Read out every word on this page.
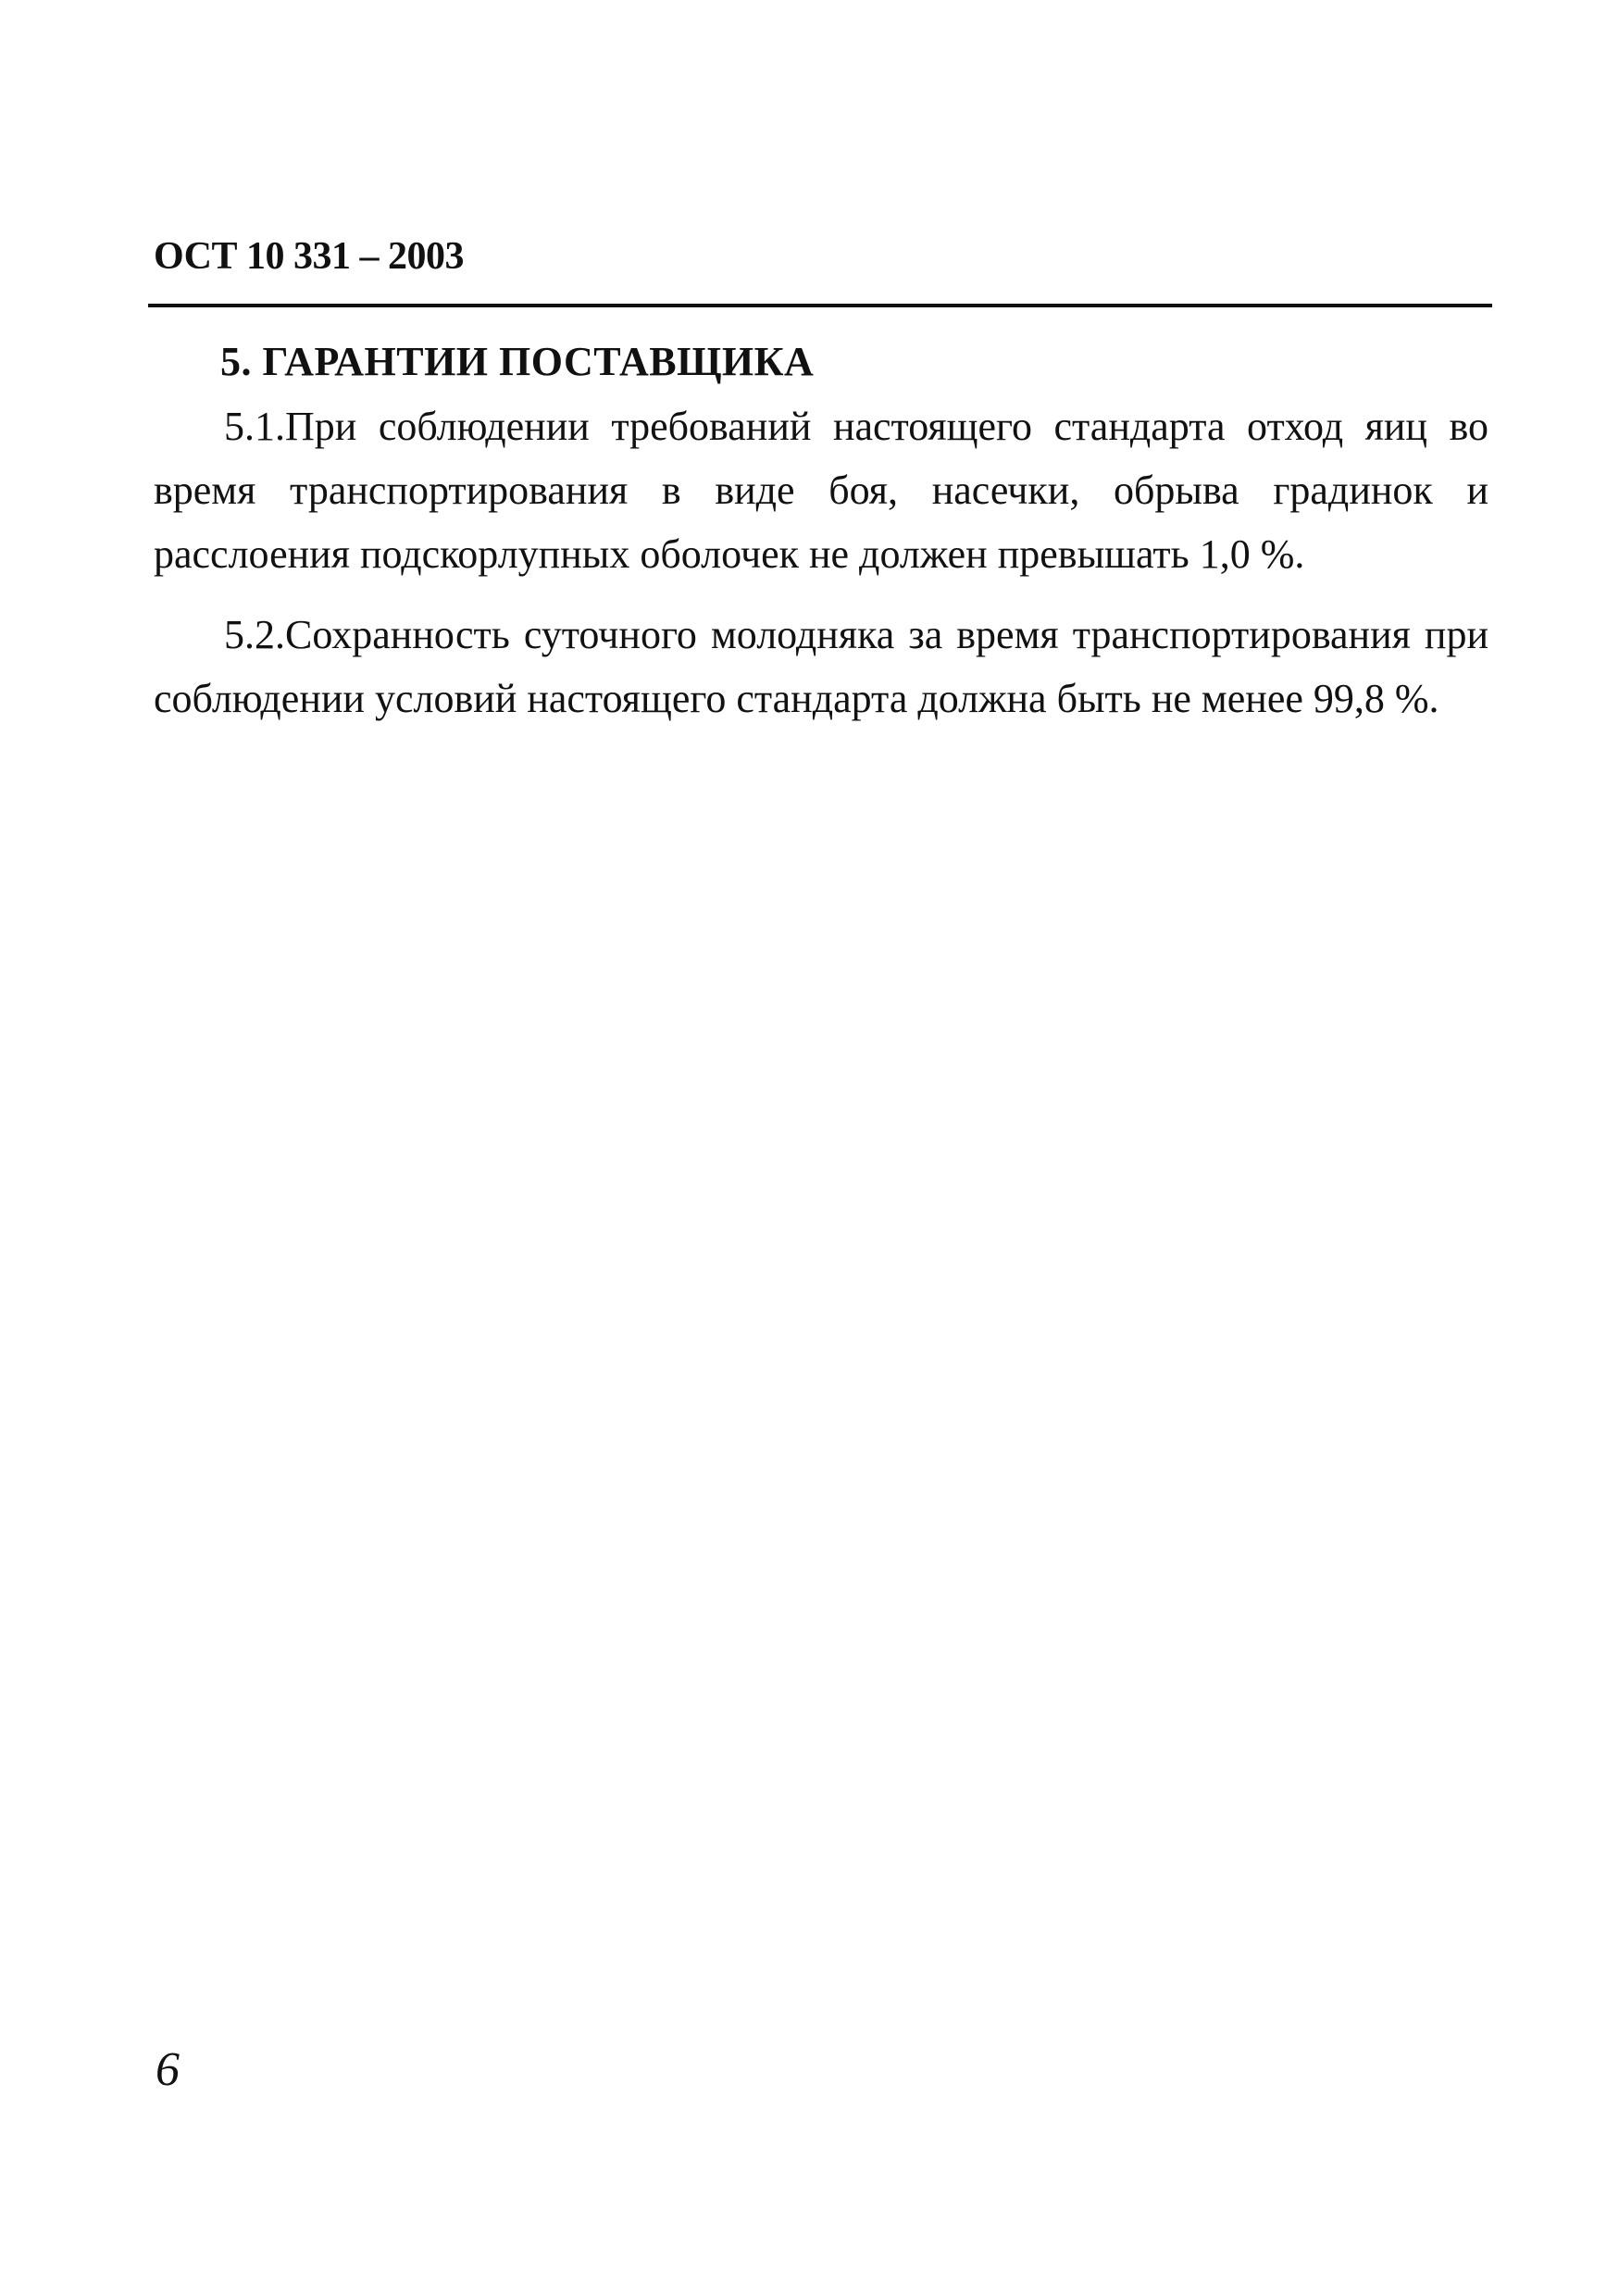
ОСТ 10 331 – 2003
5. ГАРАНТИИ ПОСТАВЩИКА

5.1.При соблюдении требований настоящего стандарта отход яиц во время транспортирования в виде боя, насечки, обрыва градинок и расслоения подскорлупных оболочек не должен превышать 1,0 %.

5.2.Сохранность суточного молодняка за время транспортирования при соблюдении условий настоящего стандарта должна быть не менее 99,8 %.

6
